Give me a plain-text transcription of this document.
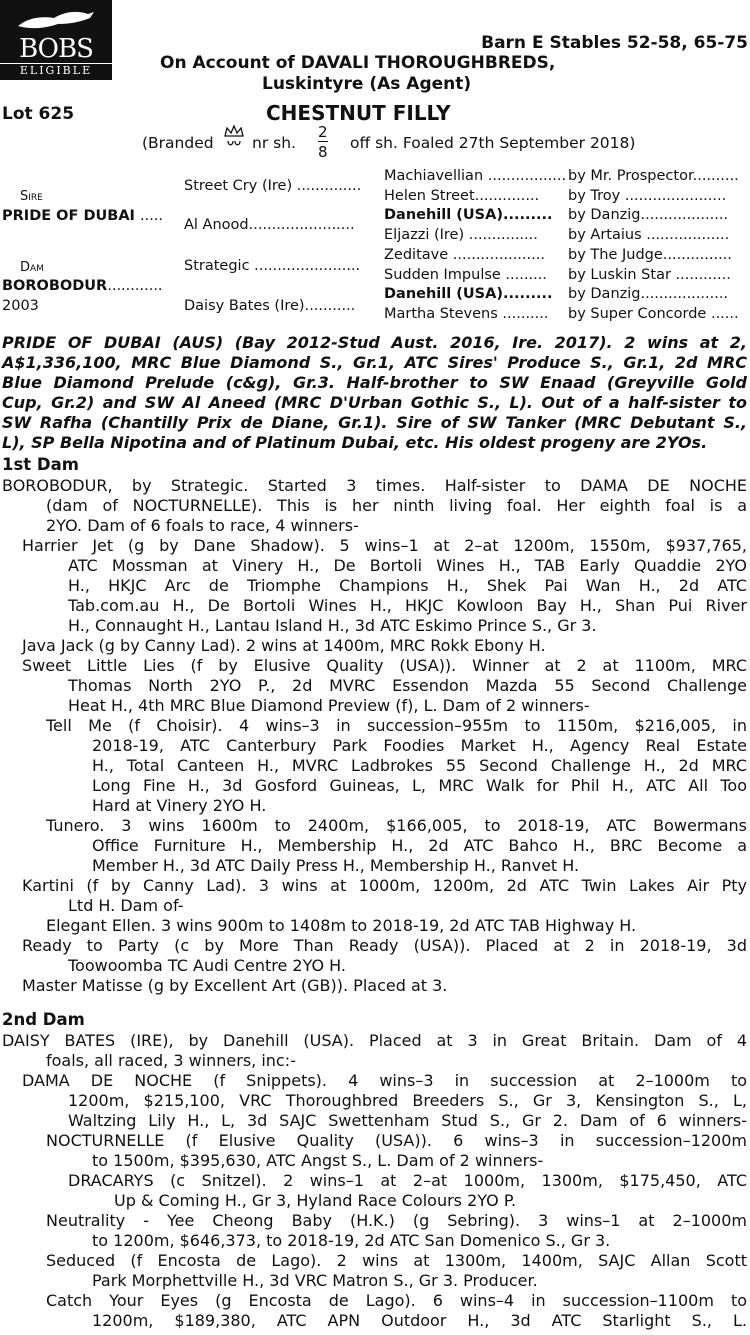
BOBS
ELIGIBLE
Barn E Stables 52-58, 65-75
On Account of DAVALI THOROUGHBREDS,
Luskintyre (As Agent)
Lot 625	CHESTNUT FILLY
(Branded nr sh.
2
8 off sh. Foaled 27th September 2018)
Sire
PRIDE OF DUBAI .....
Dam
BOROBODUR............
2003
Street Cry (Ire) ..............
Al Anood.......................
Strategic .......................
Daisy Bates (Ire)...........
Machiavellian ................. by Mr. Prospector..........
Helen Street.............. by Troy ......................
Danehill (USA)......... by Danzig...................
Eljazzi (Ire) ............... by Artaius ..................
Zeditave .................... by The Judge...............
Sudden Impulse ......... by Luskin Star ............
Danehill (USA)......... by Danzig...................
Martha Stevens .......... by Super Concorde ......
PRIDE OF DUBAI (AUS) (Bay 2012-Stud Aust. 2016, Ire. 2017). 2 wins at 2,
A$1,336,100, MRC Blue Diamond S., Gr.1, ATC Sires' Produce S., Gr.1, 2d MRC
Blue Diamond Prelude (c&g), Gr.3. Half-brother to SW Enaad (Greyville Gold
Cup, Gr.2) and SW Al Aneed (MRC D'Urban Gothic S., L). Out of a half-sister to
SW Rafha (Chantilly Prix de Diane, Gr.1). Sire of SW Tanker (MRC Debutant S.,
L), SP Bella Nipotina and of Platinum Dubai, etc. His oldest progeny are 2YOs.
1st Dam
BOROBODUR, by Strategic. Started 3 times. Half-sister to DAMA DE NOCHE
(dam of NOCTURNELLE). This is her ninth living foal. Her eighth foal is a
2YO. Dam of 6 foals to race, 4 winners-
Harrier Jet (g by Dane Shadow). 5 wins–1 at 2–at 1200m, 1550m, $937,765,
ATC Mossman at Vinery H., De Bortoli Wines H., TAB Early Quaddie 2YO
H., HKJC Arc de Triomphe Champions H., Shek Pai Wan H., 2d ATC
Tab.com.au H., De Bortoli Wines H., HKJC Kowloon Bay H., Shan Pui River
H., Connaught H., Lantau Island H., 3d ATC Eskimo Prince S., Gr 3.
Java Jack (g by Canny Lad). 2 wins at 1400m, MRC Rokk Ebony H.
Sweet Little Lies (f by Elusive Quality (USA)). Winner at 2 at 1100m, MRC
Thomas North 2YO P., 2d MVRC Essendon Mazda 55 Second Challenge
Heat H., 4th MRC Blue Diamond Preview (f), L. Dam of 2 winners-
Tell Me (f Choisir). 4 wins–3 in succession–955m to 1150m, $216,005, in
2018-19, ATC Canterbury Park Foodies Market H., Agency Real Estate
H., Total Canteen H., MVRC Ladbrokes 55 Second Challenge H., 2d MRC
Long Fine H., 3d Gosford Guineas, L, MRC Walk for Phil H., ATC All Too
Hard at Vinery 2YO H.
Tunero. 3 wins 1600m to 2400m, $166,005, to 2018-19, ATC Bowermans
Office Furniture H., Membership H., 2d ATC Bahco H., BRC Become a
Member H., 3d ATC Daily Press H., Membership H., Ranvet H.
Kartini (f by Canny Lad). 3 wins at 1000m, 1200m, 2d ATC Twin Lakes Air Pty
Ltd H. Dam of-
Elegant Ellen. 3 wins 900m to 1408m to 2018-19, 2d ATC TAB Highway H.
Ready to Party (c by More Than Ready (USA)). Placed at 2 in 2018-19, 3d
Toowoomba TC Audi Centre 2YO H.
Master Matisse (g by Excellent Art (GB)). Placed at 3.
2nd Dam
DAISY BATES (IRE), by Danehill (USA). Placed at 3 in Great Britain. Dam of 4
foals, all raced, 3 winners, inc:-
DAMA DE NOCHE (f Snippets). 4 wins–3 in succession at 2–1000m to
1200m, $215,100, VRC Thoroughbred Breeders S., Gr 3, Kensington S., L,
Waltzing Lily H., L, 3d SAJC Swettenham Stud S., Gr 2. Dam of 6 winners-
NOCTURNELLE (f Elusive Quality (USA)). 6 wins–3 in succession–1200m
to 1500m, $395,630, ATC Angst S., L. Dam of 2 winners-
DRACARYS (c Snitzel). 2 wins–1 at 2–at 1000m, 1300m, $175,450, ATC
Up & Coming H., Gr 3, Hyland Race Colours 2YO P.
Neutrality - Yee Cheong Baby (H.K.) (g Sebring). 3 wins–1 at 2–1000m
to 1200m, $646,373, to 2018-19, 2d ATC San Domenico S., Gr 3.
Seduced (f Encosta de Lago). 2 wins at 1300m, 1400m, SAJC Allan Scott
Park Morphettville H., 3d VRC Matron S., Gr 3. Producer.
Catch Your Eyes (g Encosta de Lago). 6 wins–4 in succession–1100m to
1200m, $189,380, ATC APN Outdoor H., 3d ATC Starlight S., L.
